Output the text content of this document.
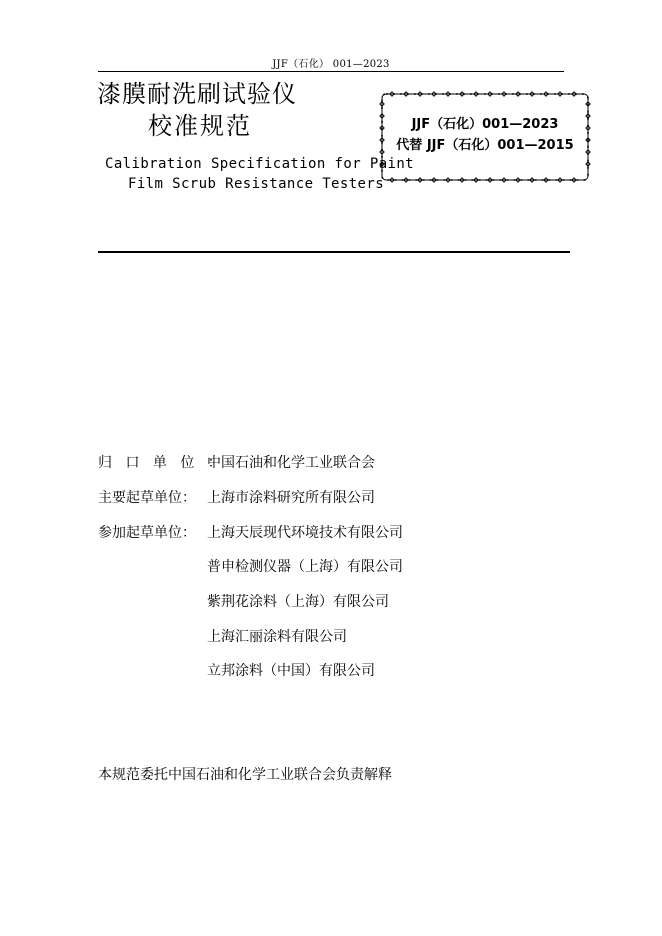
JJF（石化） 001—2023
漆膜耐洗刷试验仪
校准规范
Calibration Specification for Paint
Film Scrub Resistance Testers
JJF（石化）001—2023
代替 JJF（石化）001—2015
归 口 单 位 ：
中国石油和化学工业联合会
主要起草单位： 上海市涂料研究所有限公司
参加起草单位： 上海天辰现代环境技术有限公司
普申检测仪器（上海）有限公司
紫荆花涂料（上海）有限公司
上海汇丽涂料有限公司
立邦涂料（中国）有限公司
本规范委托中国石油和化学工业联合会负责解释
